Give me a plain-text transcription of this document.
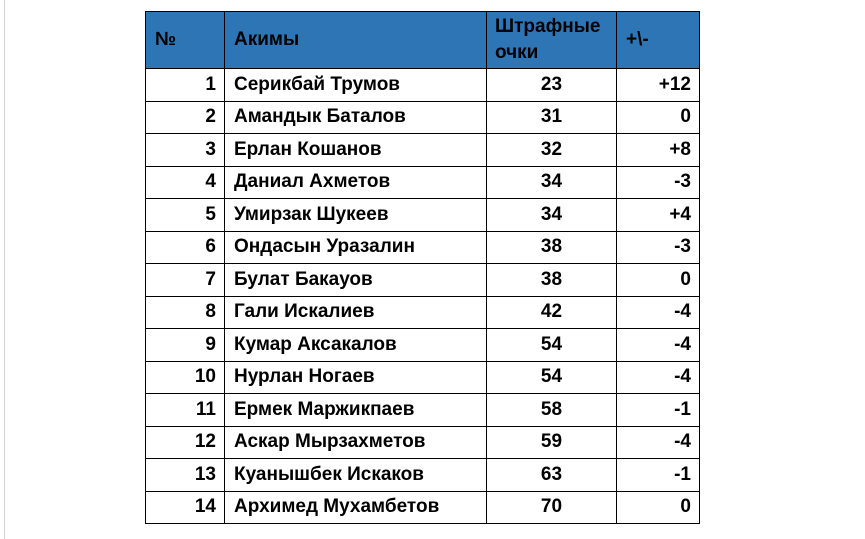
№	Акимы	Штрафные очки	+\-
1	Серикбай Трумов	23	+12
2	Амандык Баталов	31	0
3	Ерлан Кошанов	32	+8
4	Даниал Ахметов	34	-3
5	Умирзак Шукеев	34	+4
6	Ондасын Уразалин	38	-3
7	Булат Бакауов	38	0
8	Гали Искалиев	42	-4
9	Кумар Аксакалов	54	-4
10	Нурлан Ногаев	54	-4
11	Ермек Маржикпаев	58	-1
12	Аскар Мырзахметов	59	-4
13	Куанышбек Искаков	63	-1
14	Архимед Мухамбетов	70	0
